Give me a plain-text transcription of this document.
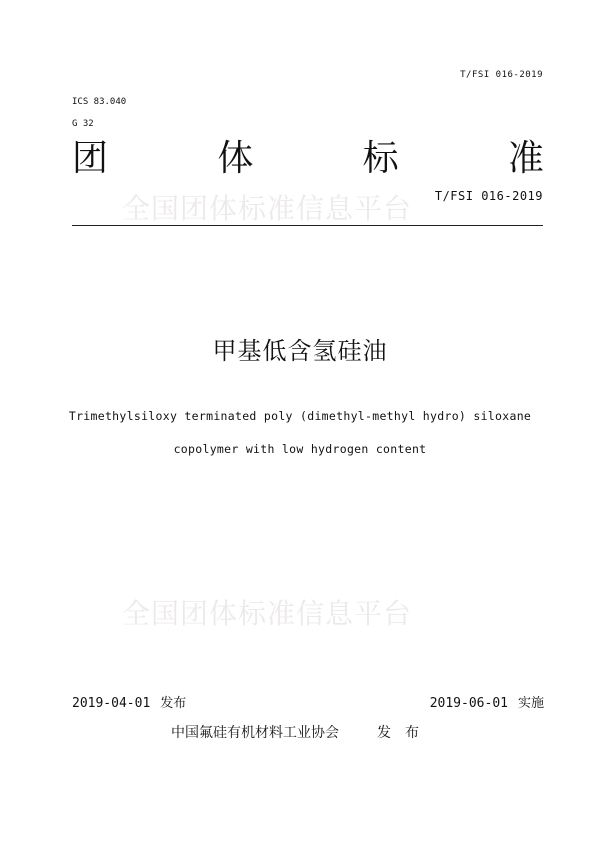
T/FSI 016-2019
ICS 83.040
G 32
团	体	标	准
全国团体标准信息平台 T/FSI 016-2019
甲基低含氢硅油
Trimethylsiloxy terminated poly (dimethyl-methyl hydro) siloxane
copolymer with low hydrogen content
全国团体标准信息平台
2019-04-01 发布	2019-06-01 实施
中国氟硅有机材料工业协会	发布
